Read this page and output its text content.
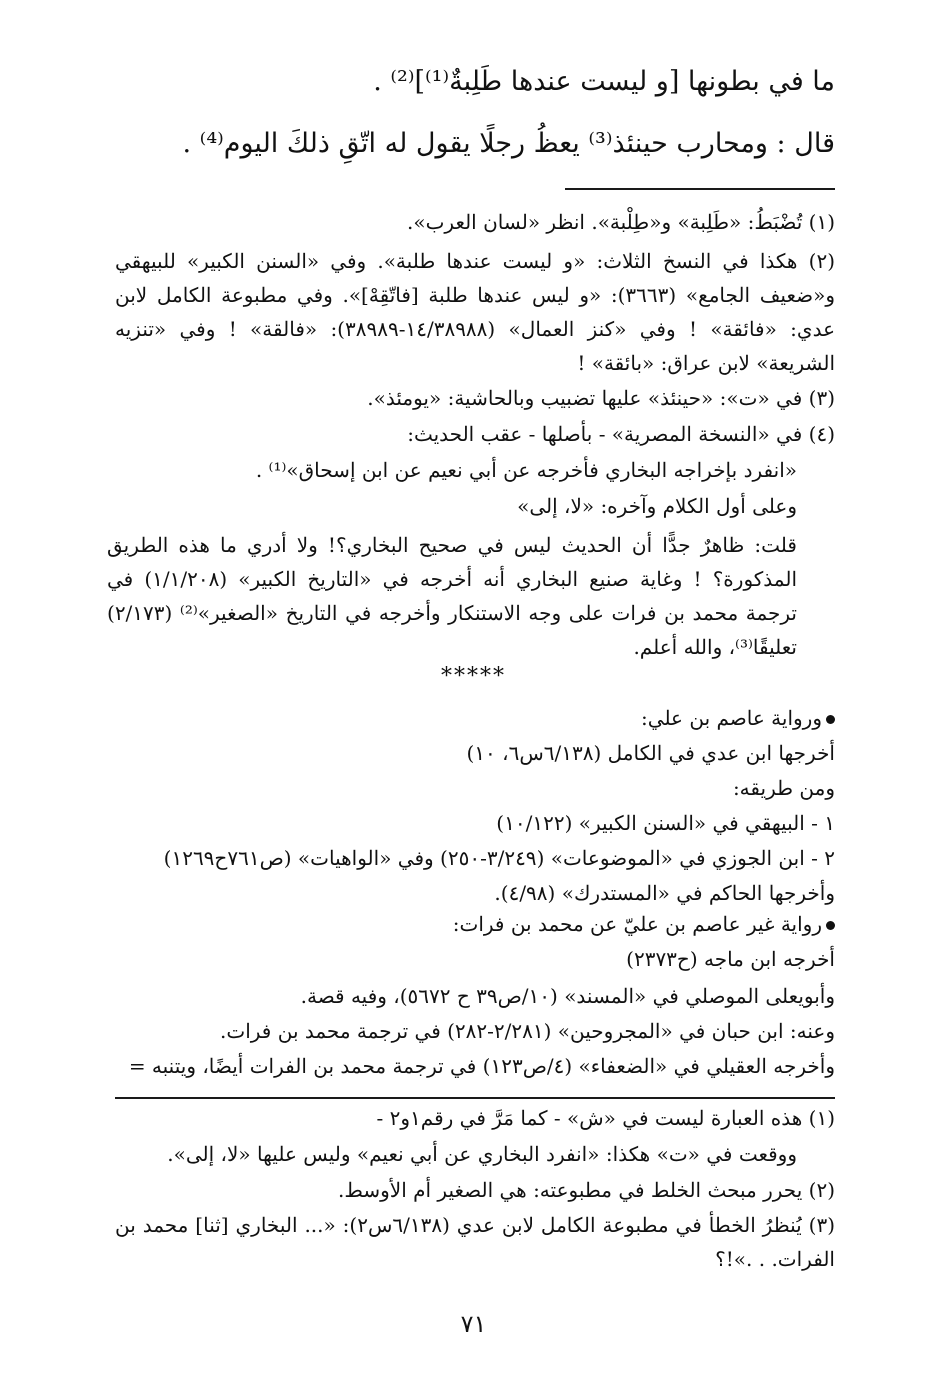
ما في بطونها [و ليست عندها طَلِبةٌ⁽¹⁾]⁽²⁾ .
قال : ومحارب حينئذ⁽³⁾ يعظُ رجلًا يقول له اتّقِ ذلكَ اليوم⁽⁴⁾ .
(١) تُضْبَطُ: «طَلِبة» و«طِلْبة». انظر «لسان العرب».
(٢) هكذا في النسخ الثلاث: «و ليست عندها طلبة». وفي «السنن الكبير» للبيهقي و«ضعيف الجامع» (٣٦٦٣): «و ليس عندها طلبة [فاتّقِهْ]». وفي مطبوعة الكامل لابن عدي: «فائقة» ! وفي «كنز العمال» (١٤/٣٨٩٨٨-٣٨٩٨٩): «فالقة» ! وفي «تنزيه الشريعة» لابن عراق: «بائقة» !
(٣) في «ت»: «حينئذ» عليها تضبيب وبالحاشية: «يومئذ».
(٤) في «النسخة المصرية» - بأصلها - عقب الحديث:
«انفرد بإخراجه البخاري فأخرجه عن أبي نعيم عن ابن إسحاق»⁽¹⁾ .
وعلى أول الكلام وآخره: «لا، إلى»
قلت: ظاهرٌ جدًّا أن الحديث ليس في صحيح البخاري؟! ولا أدري ما هذه الطريق المذكورة؟ ! وغاية صنيع البخاري أنه أخرجه في «التاريخ الكبير» (١/١/٢٠٨) في ترجمة محمد بن فرات على وجه الاستنكار وأخرجه في التاريخ «الصغير»⁽²⁾ (٢/١٧٣) تعليقًا⁽³⁾، والله أعلم.
*****
ورواية عاصم بن علي:
أخرجها ابن عدي في الكامل (٦/١٣٨س٦، ١٠)
ومن طريقه:
١ - البيهقي في «السنن الكبير» (١٠/١٢٢)
٢ - ابن الجوزي في «الموضوعات» (٣/٢٤٩-٢٥٠) وفي «الواهيات» (ص٧٦١ح١٢٦٩)
وأخرجها الحاكم في «المستدرك» (٤/٩٨).
رواية غير عاصم بن عليّ عن محمد بن فرات:
أخرجه ابن ماجه (ح٢٣٧٣)
وأبويعلى الموصلي في «المسند» (١٠/ص٣٩ ح ٥٦٧٢)، وفيه قصة.
وعنه: ابن حبان في «المجروحين» (٢/٢٨١-٢٨٢) في ترجمة محمد بن فرات.
وأخرجه العقيلي في «الضعفاء» (٤/ص١٢٣) في ترجمة محمد بن الفرات أيضًا، ويتنبه =
(١) هذه العبارة ليست في «ش» - كما مَرَّ في رقم١و٢ -
ووقعت في «ت» هكذا: «انفرد البخاري عن أبي نعيم» وليس عليها «لا، إلى».
(٢) يحرر مبحث الخلط في مطبوعته: هي الصغير أم الأوسط.
(٣) يُنظرُ الخطأ في مطبوعة الكامل لابن عدي (٦/١٣٨س٢): «... البخاري [ثنا] محمد بن الفرات. . .»!؟
٧١
